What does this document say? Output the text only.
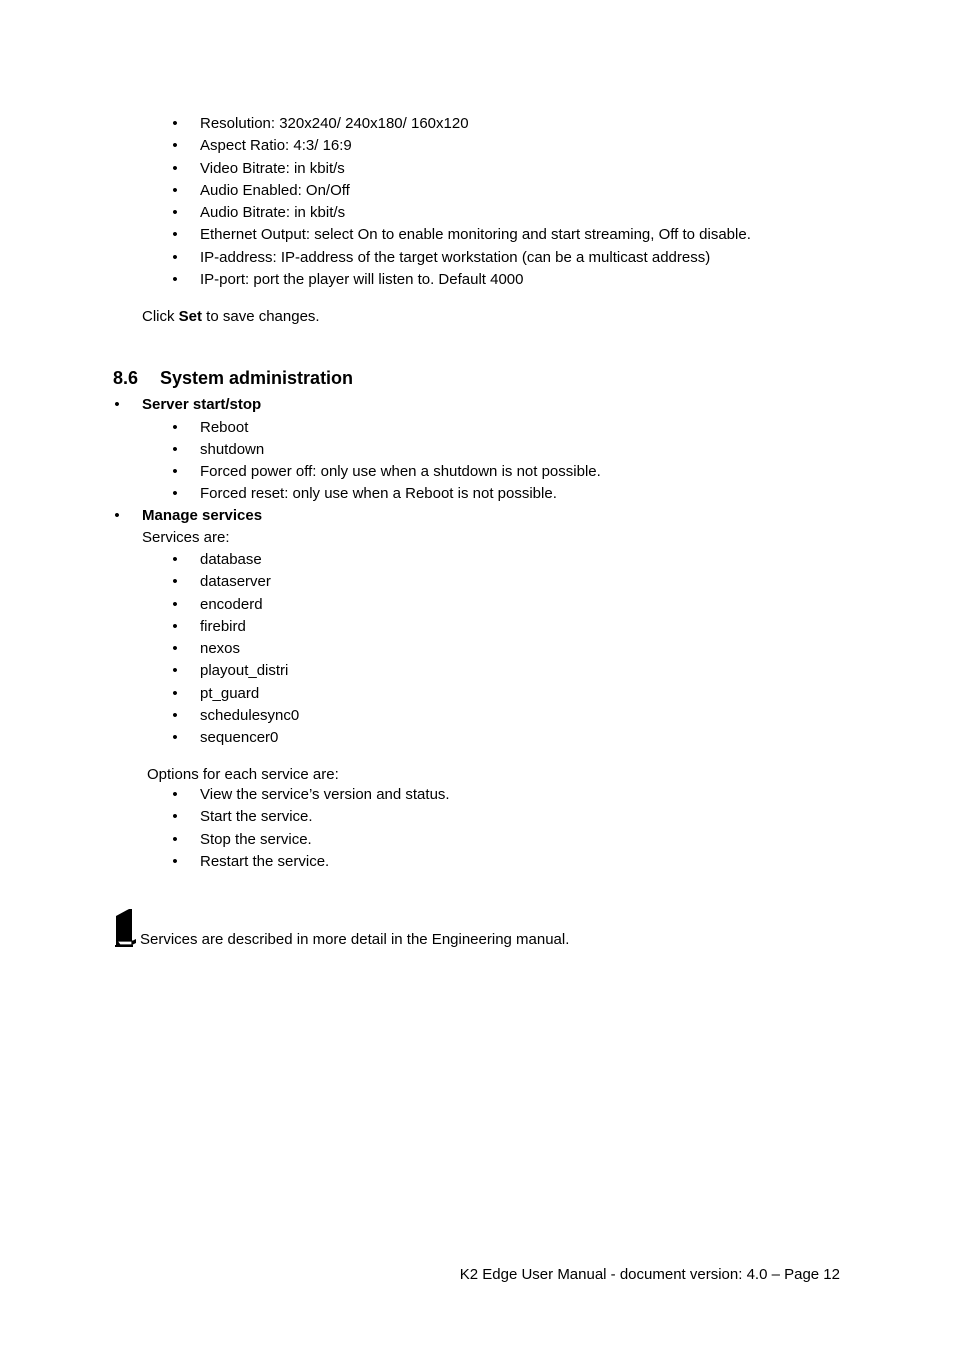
• Resolution: 320x240/ 240x180/ 160x120
• Aspect Ratio: 4:3/ 16:9
• Video Bitrate: in kbit/s
• Audio Enabled: On/Off
• Audio Bitrate: in kbit/s
• Ethernet Output: select On to enable monitoring and start streaming, Off to disable.
• IP-address: IP-address of the target workstation (can be a multicast address)
• IP-port: port the player will listen to. Default 4000
Click Set to save changes.
8.6 System administration
• Server start/stop
• Reboot
• shutdown
• Forced power off: only use when a shutdown is not possible.
• Forced reset: only use when a Reboot is not possible.
• Manage services
Services are:
• database
• dataserver
• encoderd
• firebird
• nexos
• playout_distri
• pt_guard
• schedulesync0
• sequencer0
Options for each service are:
• View the service’s version and status.
• Start the service.
• Stop the service.
• Restart the service.
Services are described in more detail in the Engineering manual.
K2 Edge User Manual - document version: 4.0 – Page 12
